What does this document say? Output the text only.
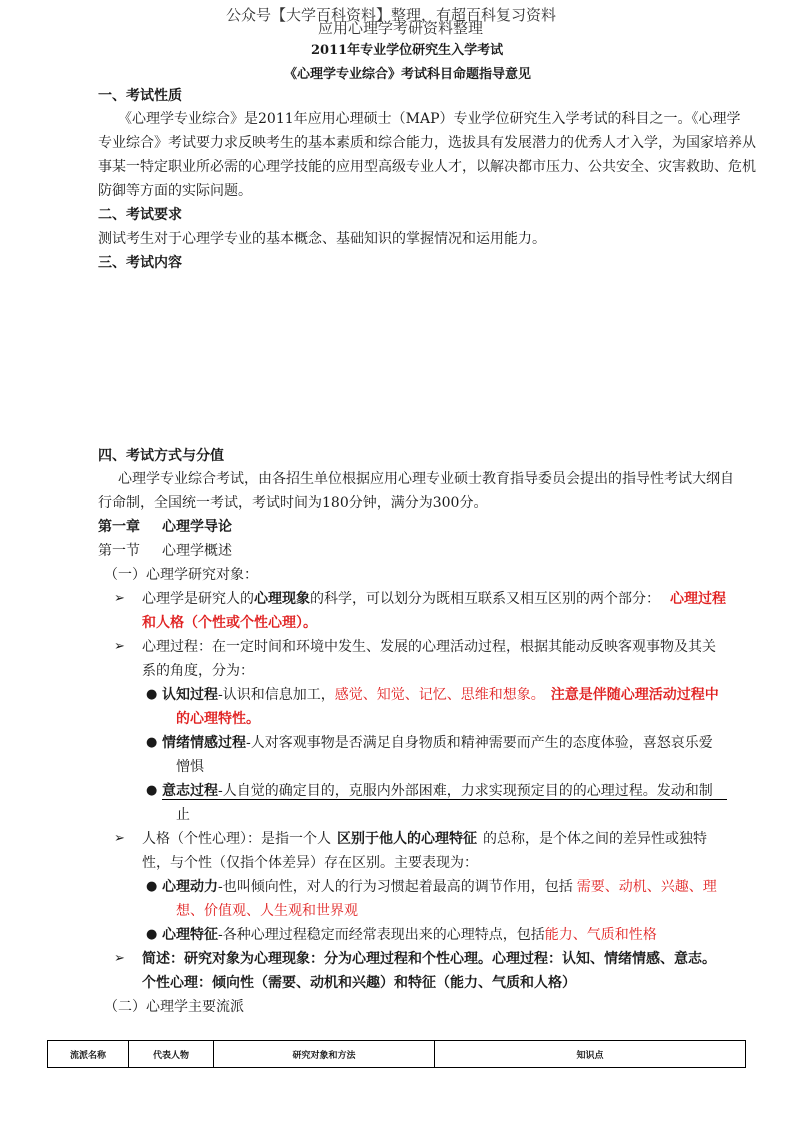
公众号【大学百科资料】整理，有超百科复习资料
应用心理学考研资料整理
2011年专业学位研究生入学考试
《心理学专业综合》考试科目命题指导意见
一、考试性质
《心理学专业综合》是2011年应用心理硕士（MAP）专业学位研究生入学考试的科目之一。《心理学
专业综合》考试要力求反映考生的基本素质和综合能力，选拔具有发展潜力的优秀人才入学，为国家培养从
事某一特定职业所必需的心理学技能的应用型高级专业人才，以解决都市压力、公共安全、灾害救助、危机
防御等方面的实际问题。
二、考试要求
测试考生对于心理学专业的基本概念、基础知识的掌握情况和运用能力。
三、考试内容
四、考试方式与分值
心理学专业综合考试，由各招生单位根据应用心理专业硕士教育指导委员会提出的指导性考试大纲自
行命制，全国统一考试，考试时间为180分钟，满分为300分。
第一章 心理学导论
第一节 心理学概述
（一） 心理学研究对象：
➢ 心理学是研究人的心理现象的科学，可以划分为既相互联系又相互区别的两个部分： 心理过程
和人格（个性或个性心理）。
➢ 心理过程：在一定时间和环境中发生、发展的心理活动过程，根据其能动反映客观事物及其关
系的角度，分为：
● 认知过程-认识和信息加工，感觉、知觉、记忆、思维和想象。 注意是伴随心理活动过程中
的心理特性。
● 情绪情感过程-人对客观事物是否满足自身物质和精神需要而产生的态度体验，喜怒哀乐爱
憎惧
● 意志过程-人自觉的确定目的，克服内外部困难，力求实现预定目的的心理过程。发动和制
止
➢ 人格（个性心理）：是指一个人 区别于他人的心理特征 的总称，是个体之间的差异性或独特
性，与个性（仅指个体差异）存在区别。主要表现为：
● 心理动力-也叫倾向性，对人的行为习惯起着最高的调节作用，包括 需要、动机、兴趣、理
想、价值观、人生观和世界观
● 心理特征-各种心理过程稳定而经常表现出来的心理特点，包括能力、气质和性格
➢ 简述：研究对象为心理现象：分为心理过程和个性心理。心理过程：认知、情绪情感、意志。
个性心理：倾向性（需要、动机和兴趣）和特征（能力、气质和人格）
（二） 心理学主要流派
流派名称	代表人物	研究对象和方法	知识点
